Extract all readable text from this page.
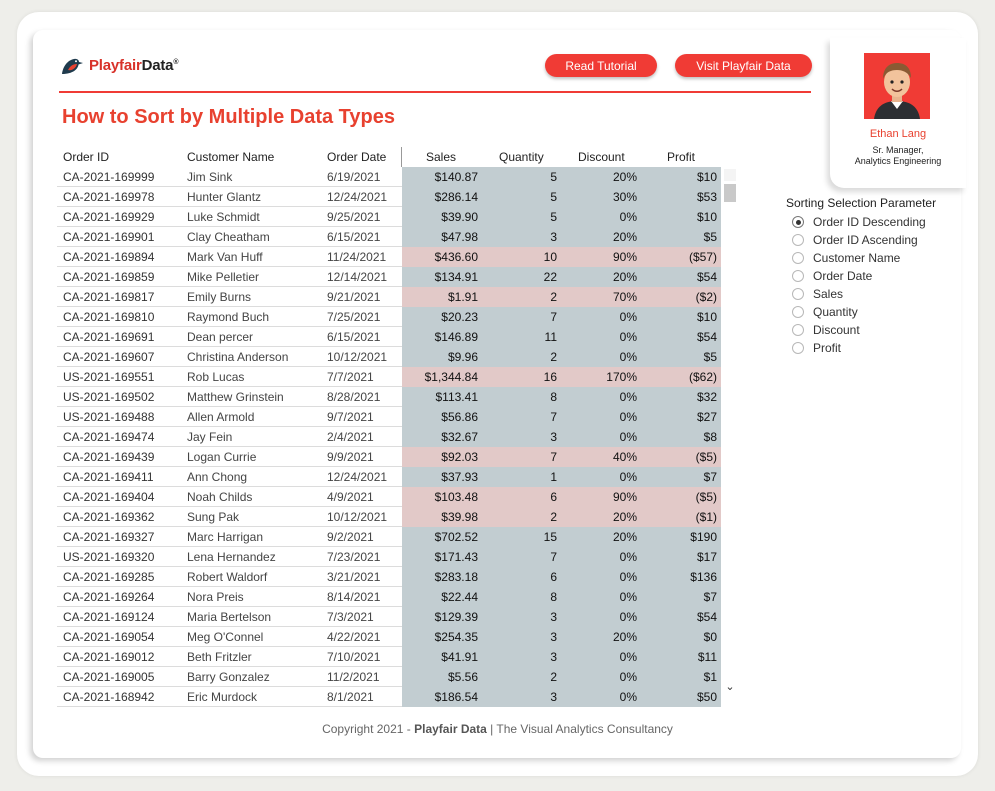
PlayfairData®	Read Tutorial	Visit Playfair Data
How to Sort by Multiple Data Types
Ethan Lang
Sr. Manager,
Analytics Engineering
Order ID	Customer Name	Order Date	Sales	Quantity	Discount	Profit
CA-2021-169999	Jim Sink	6/19/2021	$140.87	5	20%	$10
CA-2021-169978	Hunter Glantz	12/24/2021	$286.14	5	30%	$53
CA-2021-169929	Luke Schmidt	9/25/2021	$39.90	5	0%	$10
CA-2021-169901	Clay Cheatham	6/15/2021	$47.98	3	20%	$5
CA-2021-169894	Mark Van Huff	11/24/2021	$436.60	10	90%	($57)
CA-2021-169859	Mike Pelletier	12/14/2021	$134.91	22	20%	$54
CA-2021-169817	Emily Burns	9/21/2021	$1.91	2	70%	($2)
CA-2021-169810	Raymond Buch	7/25/2021	$20.23	7	0%	$10
CA-2021-169691	Dean percer	6/15/2021	$146.89	11	0%	$54
CA-2021-169607	Christina Anderson	10/12/2021	$9.96	2	0%	$5
US-2021-169551	Rob Lucas	7/7/2021	$1,344.84	16	170%	($62)
US-2021-169502	Matthew Grinstein	8/28/2021	$113.41	8	0%	$32
US-2021-169488	Allen Armold	9/7/2021	$56.86	7	0%	$27
CA-2021-169474	Jay Fein	2/4/2021	$32.67	3	0%	$8
CA-2021-169439	Logan Currie	9/9/2021	$92.03	7	40%	($5)
CA-2021-169411	Ann Chong	12/24/2021	$37.93	1	0%	$7
CA-2021-169404	Noah Childs	4/9/2021	$103.48	6	90%	($5)
CA-2021-169362	Sung Pak	10/12/2021	$39.98	2	20%	($1)
CA-2021-169327	Marc Harrigan	9/2/2021	$702.52	15	20%	$190
US-2021-169320	Lena Hernandez	7/23/2021	$171.43	7	0%	$17
CA-2021-169285	Robert Waldorf	3/21/2021	$283.18	6	0%	$136
CA-2021-169264	Nora Preis	8/14/2021	$22.44	8	0%	$7
CA-2021-169124	Maria Bertelson	7/3/2021	$129.39	3	0%	$54
CA-2021-169054	Meg O'Connel	4/22/2021	$254.35	3	20%	$0
CA-2021-169012	Beth Fritzler	7/10/2021	$41.91	3	0%	$11
CA-2021-169005	Barry Gonzalez	11/2/2021	$5.56	2	0%	$1
CA-2021-168942	Eric Murdock	8/1/2021	$186.54	3	0%	$50
⌄
Sorting Selection Parameter
Order ID Descending
Order ID Ascending
Customer Name
Order Date
Sales
Quantity
Discount
Profit
Copyright 2021 - Playfair Data | The Visual Analytics Consultancy
